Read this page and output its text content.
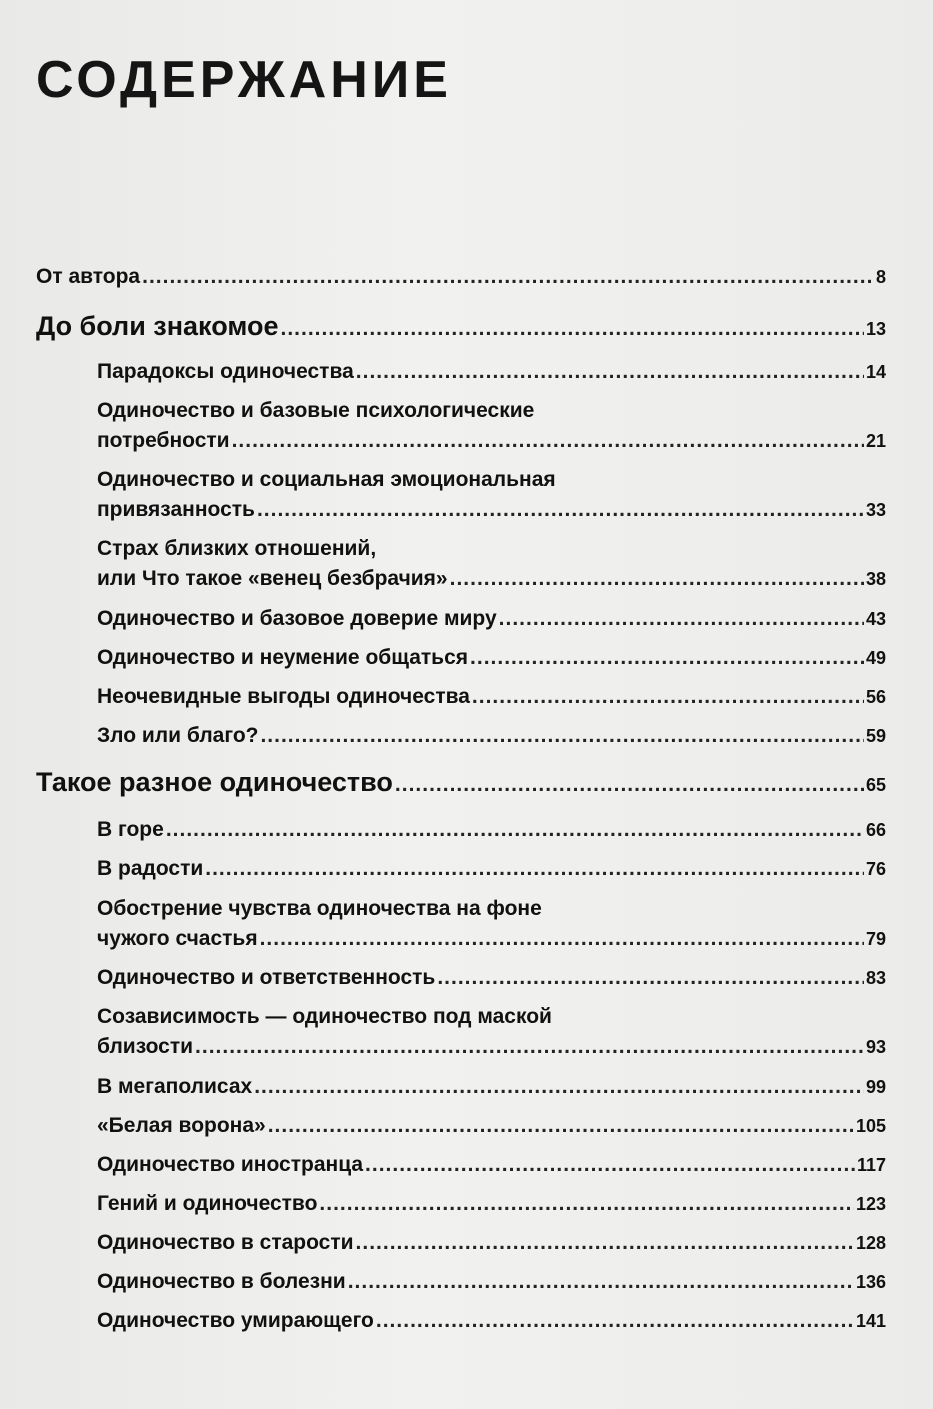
СОДЕРЖАНИЕ
От автора .....	8
До боли знакомое .....	13
Парадоксы одиночества .....	14
Одиночество и базовые психологические
потребности .....	21
Одиночество и социальная эмоциональная
привязанность .....	33
Страх близких отношений,
или Что такое «венец безбрачия» .....	38
Одиночество и базовое доверие миру .....	43
Одиночество и неумение общаться .....	49
Неочевидные выгоды одиночества .....	56
Зло или благо? .....	59
Такое разное одиночество .....	65
В горе .....	66
В радости .....	76
Обострение чувства одиночества на фоне
чужого счастья .....	79
Одиночество и ответственность .....	83
Созависимость — одиночество под маской
близости .....	93
В мегаполисах .....	99
«Белая ворона» .....	105
Одиночество иностранца .....	117
Гений и одиночество .....	123
Одиночество в старости .....	128
Одиночество в болезни .....	136
Одиночество умирающего .....	141
